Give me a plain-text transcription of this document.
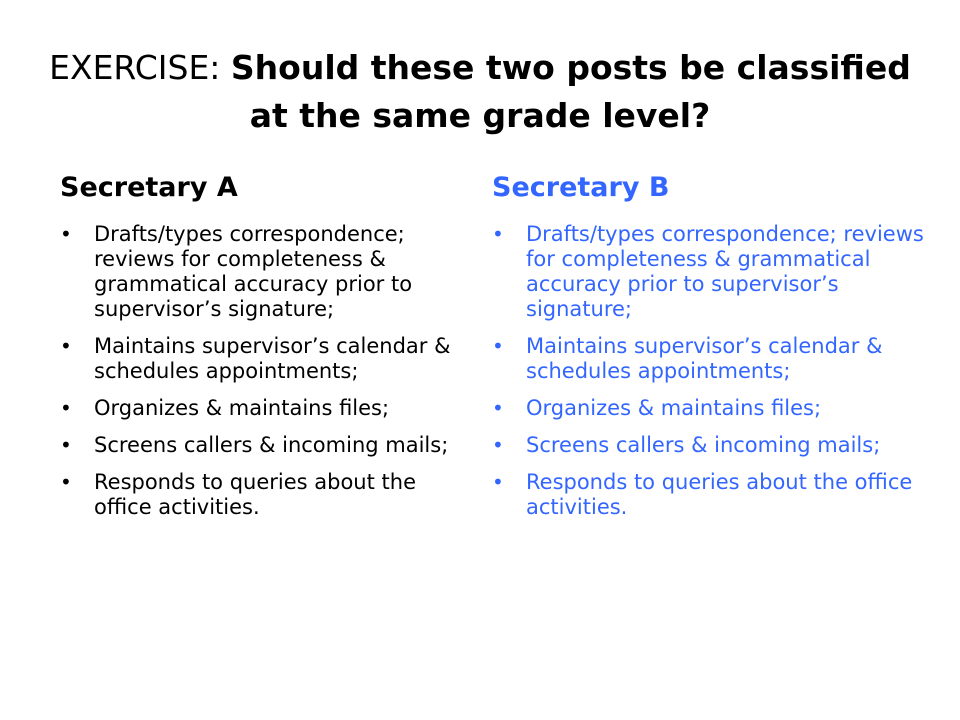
EXERCISE: Should these two posts be classified at the same grade level?
Secretary A
•	Drafts/types correspondence; reviews for completeness & grammatical accuracy prior to supervisor’s signature;
•	Maintains supervisor’s calendar & schedules appointments;
•	Organizes & maintains files;
•	Screens callers & incoming mails;
•	Responds to queries about the office activities.
Secretary B
•	Drafts/types correspondence; reviews for completeness & grammatical accuracy prior to supervisor’s signature;
•	Maintains supervisor’s calendar & schedules appointments;
•	Organizes & maintains files;
•	Screens callers & incoming mails;
•	Responds to queries about the office activities.
